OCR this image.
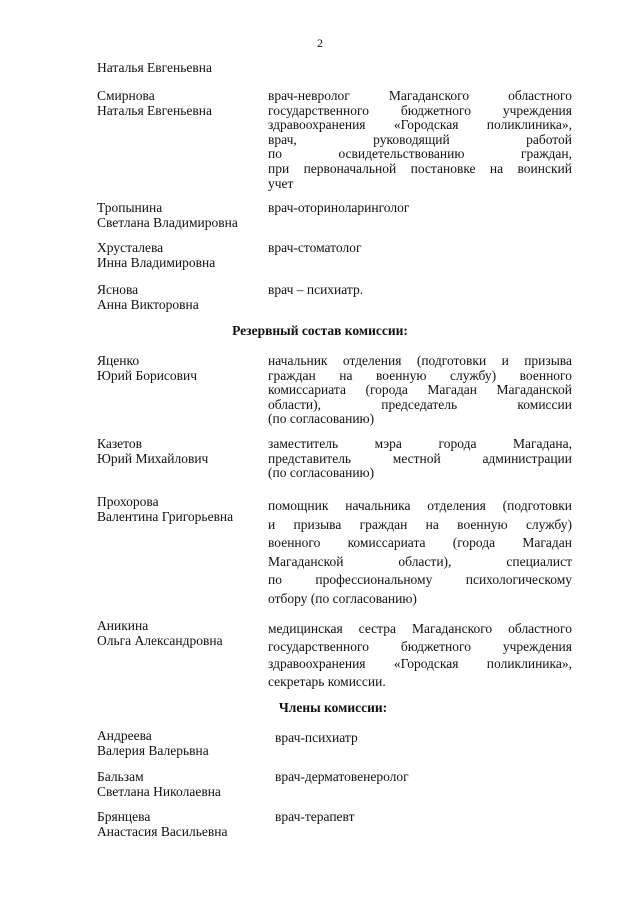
2
Наталья Евгеньевна
Смирнова
Наталья Евгеньевна
врач-невролог Магаданского областного
государственного бюджетного учреждения
здравоохранения «Городская поликлиника»,
врач, руководящий работой
по освидетельствованию граждан,
при первоначальной постановке на воинский
учет
Тропынина
Светлана Владимировна
врач-оториноларинголог
Хрусталева
Инна Владимировна
врач-стоматолог
Яснова
Анна Викторовна
врач – психиатр.
Резервный состав комиссии:
Яценко
Юрий Борисович
начальник отделения (подготовки и призыва
граждан на военную службу) военного
комиссариата (города Магадан Магаданской
области), председатель комиссии
(по согласованию)
Казетов
Юрий Михайлович
заместитель мэра города Магадана,
представитель местной администрации
(по согласованию)
Прохорова
Валентина Григорьевна
помощник начальника отделения (подготовки
и призыва граждан на военную службу)
военного комиссариата (города Магадан
Магаданской области), специалист
по профессиональному психологическому
отбору (по согласованию)
Аникина
Ольга Александровна
медицинская сестра Магаданского областного
государственного бюджетного учреждения
здравоохранения «Городская поликлиника»,
секретарь комиссии.
Члены комиссии:
Андреева
Валерия Валерьвна
врач-психиатр
Бальзам
Светлана Николаевна
врач-дерматовенеролог
Брянцева
Анастасия Васильевна
врач-терапевт
